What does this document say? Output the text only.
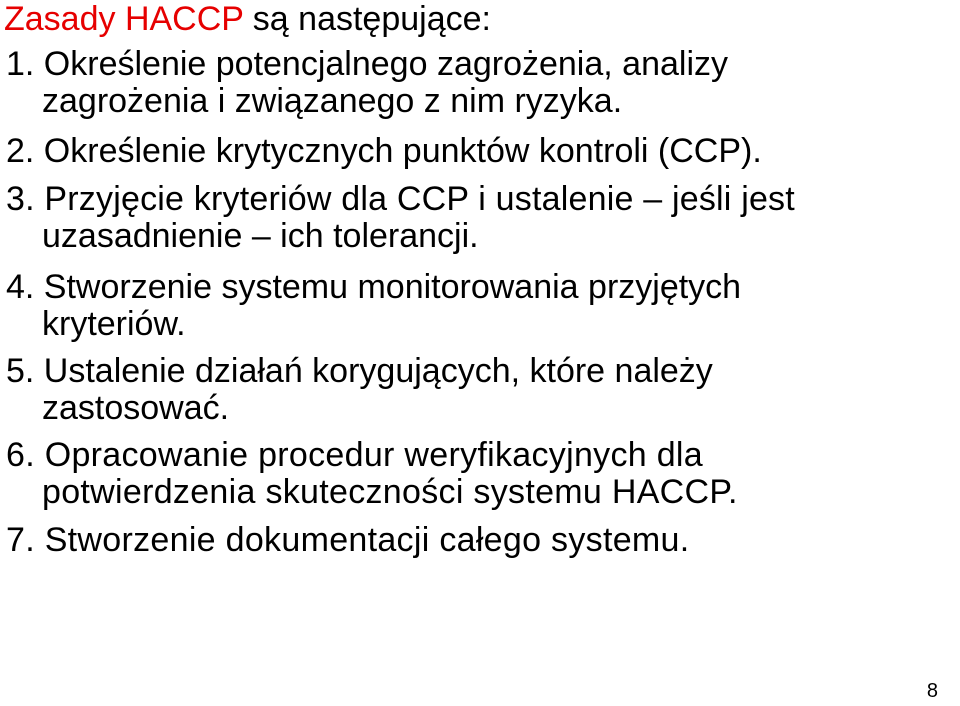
Zasady HACCP są następujące:
1. Określenie potencjalnego zagrożenia, analizy
zagrożenia i związanego z nim ryzyka.
2. Określenie krytycznych punktów kontroli (CCP).
3. Przyjęcie kryteriów dla CCP i ustalenie – jeśli jest
uzasadnienie – ich tolerancji.
4. Stworzenie systemu monitorowania przyjętych
kryteriów.
5. Ustalenie działań korygujących, które należy
zastosować.
6. Opracowanie procedur weryfikacyjnych dla
potwierdzenia skuteczności systemu HACCP.
7. Stworzenie dokumentacji całego systemu.
8
